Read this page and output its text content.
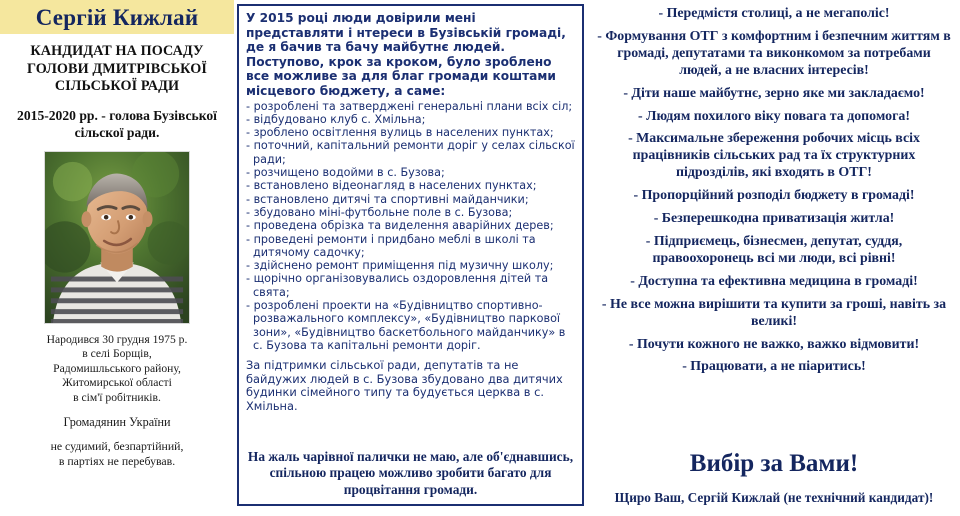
Сергій Кижлай
КАНДИДАТ НА ПОСАДУ ГОЛОВИ ДМИТРІВСЬКОЇ СІЛЬСЬКОЇ РАДИ
2015-2020 рр. - голова Бузівської сільскої ради.
Народився 30 грудня 1975 р.
в селі Борщів,
Радомишльського району,
Житомирської області
в сім'ї робітників.
Громадянин України
не судимий, безпартійний,
в партіях не перебував.

У 2015 році люди довірили мені представляти і нтереси в Бузівській громаді, де я бачив та бачу майбутнє людей. Поступово, крок за кроком, було зроблено все можливе за для благ громади коштами місцевого бюджету, а саме:

- розроблені та затверджені генеральні плани всіх сіл;
- відбудовано клуб с. Хмільна;
- зроблено освітлення вулиць в населених пунктах;
- поточний, капітальний ремонти доріг у селах сільскої ради;
- розчищено водойми в с. Бузова;
- встановлено відеонагляд в населених пунктах;
- встановлено дитячі та спортивні майданчики;
- збудовано міні-футбольне поле в с. Бузова;
- проведена обрізка та виделення аварійних дерев;
- проведені ремонти і придбано меблі в школі та дитячому садочку;
- здійснено ремонт приміщення під музичну школу;
- щорічно організовувались оздоровлення дітей та свята;
- розроблені проекти на «Будівництво спортивно-розважального комплексу», «Будівництво паркової зони», «Будівництво баскетбольного майданчику» в с. Бузова та капітальні ремонти доріг.

За підтримки сільської ради, депутатів та не байдужих людей в с. Бузова збудовано два дитячих будинки сімейного типу та будується церква в с. Хмільна.

На жаль чарівної палички не маю, але об'єднавшись, спільною працею можливо зробити багато для процвітання громади.
- Передмістя столиці, а не мегаполіс!
- Формування ОТГ з комфортним і безпечним життям в громаді, депутатами та виконкомом за потребами людей, а не власних інтересів!
- Діти наше майбутнє, зерно яке ми закладаємо!
- Людям похилого віку повага та допомога!
- Максимальне збереження робочих місць всіх працівників сільських рад та їх структурних підрозділів, які входять в ОТГ!
- Пропорційний розподіл бюджету в громаді!
- Безперешкодна приватизація житла!
- Підприємець, бізнесмен, депутат, суддя, правоохоронець всі ми люди, всі рівні!
- Доступна та ефективна медицина в громаді!
- Не все можна вирішити та купити за гроші, навіть за великі!
- Почути кожного не важко, важко відмовити!
- Працювати, а не піаритись!
Вибір за Вами!
Щиро Ваш, Сергій Кижлай (не технічний кандидат)!
